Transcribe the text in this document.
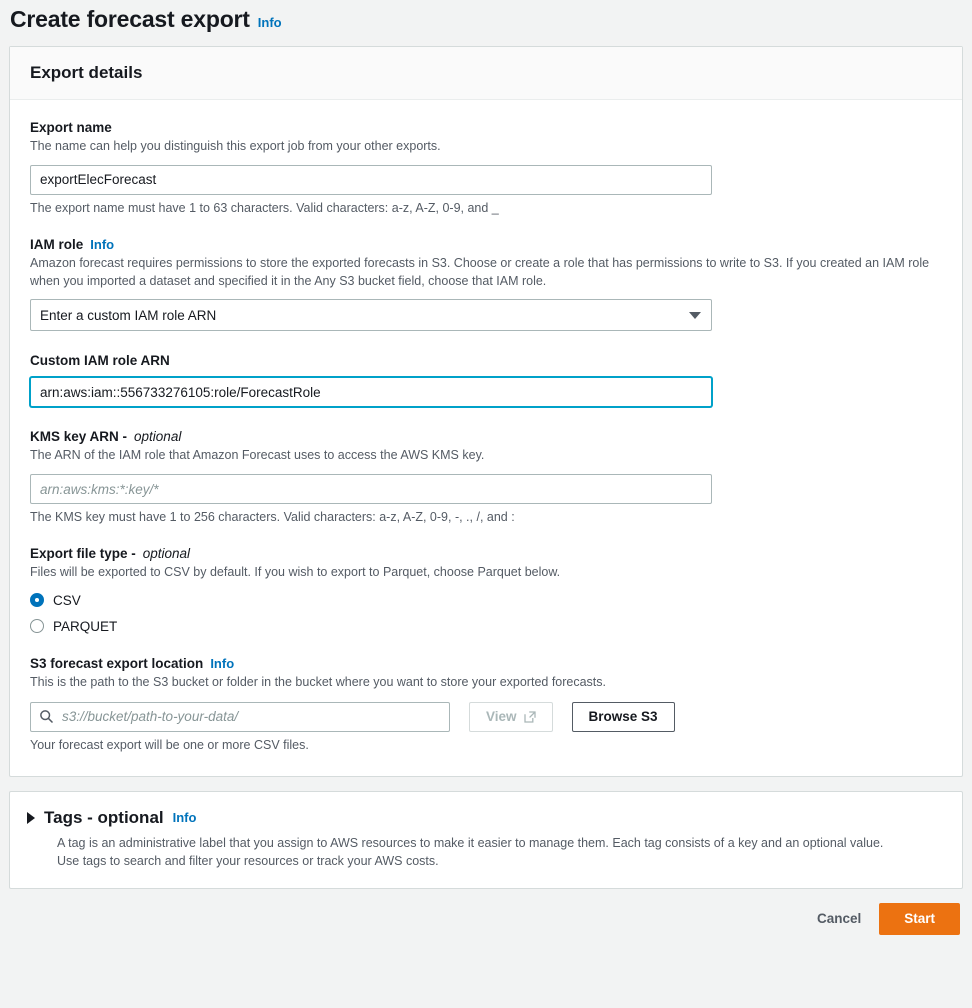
Create forecast export Info
Export details
Export name
The name can help you distinguish this export job from your other exports.
exportElecForecast
The export name must have 1 to 63 characters. Valid characters: a-z, A-Z, 0-9, and _
IAM role Info
Amazon forecast requires permissions to store the exported forecasts in S3. Choose or create a role that has permissions to write to S3. If you created an IAM role when you imported a dataset and specified it in the Any S3 bucket field, choose that IAM role.
Enter a custom IAM role ARN
Custom IAM role ARN
arn:aws:iam::556733276105:role/ForecastRole
KMS key ARN - optional
The ARN of the IAM role that Amazon Forecast uses to access the AWS KMS key.
arn:aws:kms:*:key/*
The KMS key must have 1 to 256 characters. Valid characters: a-z, A-Z, 0-9, -, ., /, and :
Export file type - optional
Files will be exported to CSV by default. If you wish to export to Parquet, choose Parquet below.
CSV
PARQUET
S3 forecast export location Info
This is the path to the S3 bucket or folder in the bucket where you want to store your exported forecasts.
s3://bucket/path-to-your-data/
View	Browse S3
Your forecast export will be one or more CSV files.
Tags - optional Info
A tag is an administrative label that you assign to AWS resources to make it easier to manage them. Each tag consists of a key and an optional value. Use tags to search and filter your resources or track your AWS costs.
Cancel	Start
